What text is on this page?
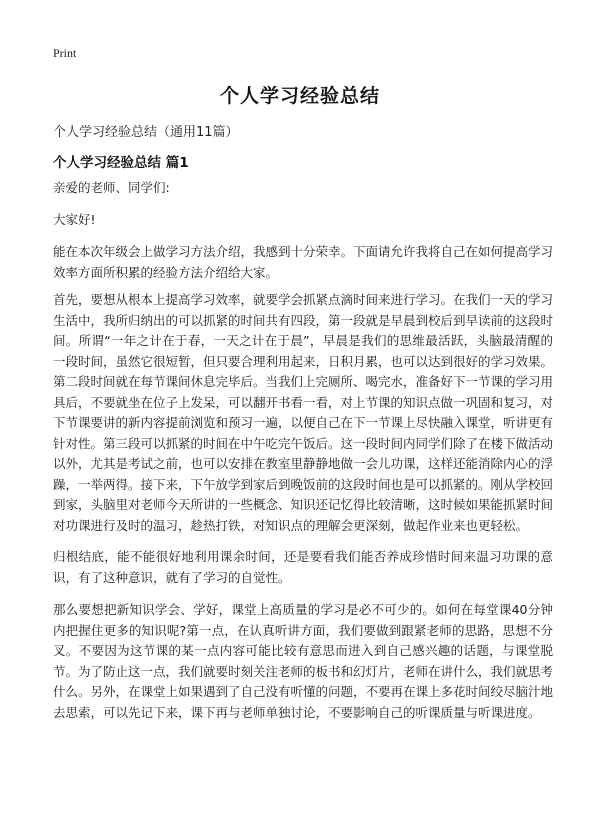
Print
个人学习经验总结
个人学习经验总结（通用11篇）
个人学习经验总结 篇1

亲爱的老师、同学们:

大家好!

能在本次年级会上做学习方法介绍，我感到十分荣幸。下面请允许我将自己在如何提高学习效率方面所积累的经验方法介绍给大家。

首先，要想从根本上提高学习效率，就要学会抓紧点滴时间来进行学习。在我们一天的学习生活中，我所归纳出的可以抓紧的时间共有四段，第一段就是早晨到校后到早读前的这段时间。所谓“一年之计在于春，一天之计在于晨”，早晨是我们的思维最活跃，头脑最清醒的一段时间，虽然它很短暂，但只要合理利用起来，日积月累，也可以达到很好的学习效果。第二段时间就在每节课间休息完毕后。当我们上完厕所、喝完水，准备好下一节课的学习用具后，不要就坐在位子上发呆，可以翻开书看一看，对上节课的知识点做一巩固和复习，对下节课要讲的新内容提前浏览和预习一遍，以便自己在下一节课上尽快融入课堂，听讲更有针对性。第三段可以抓紧的时间在中午吃完午饭后。这一段时间内同学们除了在楼下做活动以外，尤其是考试之前，也可以安排在教室里静静地做一会儿功课，这样还能消除内心的浮躁，一举两得。接下来，下午放学到家后到晚饭前的这段时间也是可以抓紧的。刚从学校回到家，头脑里对老师今天所讲的一些概念、知识还记忆得比较清晰，这时候如果能抓紧时间对功课进行及时的温习，趁热打铁，对知识点的理解会更深刻，做起作业来也更轻松。

归根结底，能不能很好地利用课余时间，还是要看我们能否养成珍惜时间来温习功课的意识，有了这种意识，就有了学习的自觉性。

那么要想把新知识学会、学好，课堂上高质量的学习是必不可少的。如何在每堂课40分钟内把握住更多的知识呢?第一点，在认真听讲方面，我们要做到跟紧老师的思路，思想不分叉。不要因为这节课的某一点内容可能比较有意思而进入到自己感兴趣的话题，与课堂脱节。为了防止这一点，我们就要时刻关注老师的板书和幻灯片，老师在讲什么，我们就思考什么。另外，在课堂上如果遇到了自己没有听懂的问题，不要再在课上多花时间绞尽脑汁地去思索，可以先记下来，课下再与老师单独讨论，不要影响自己的听课质量与听课进度。
